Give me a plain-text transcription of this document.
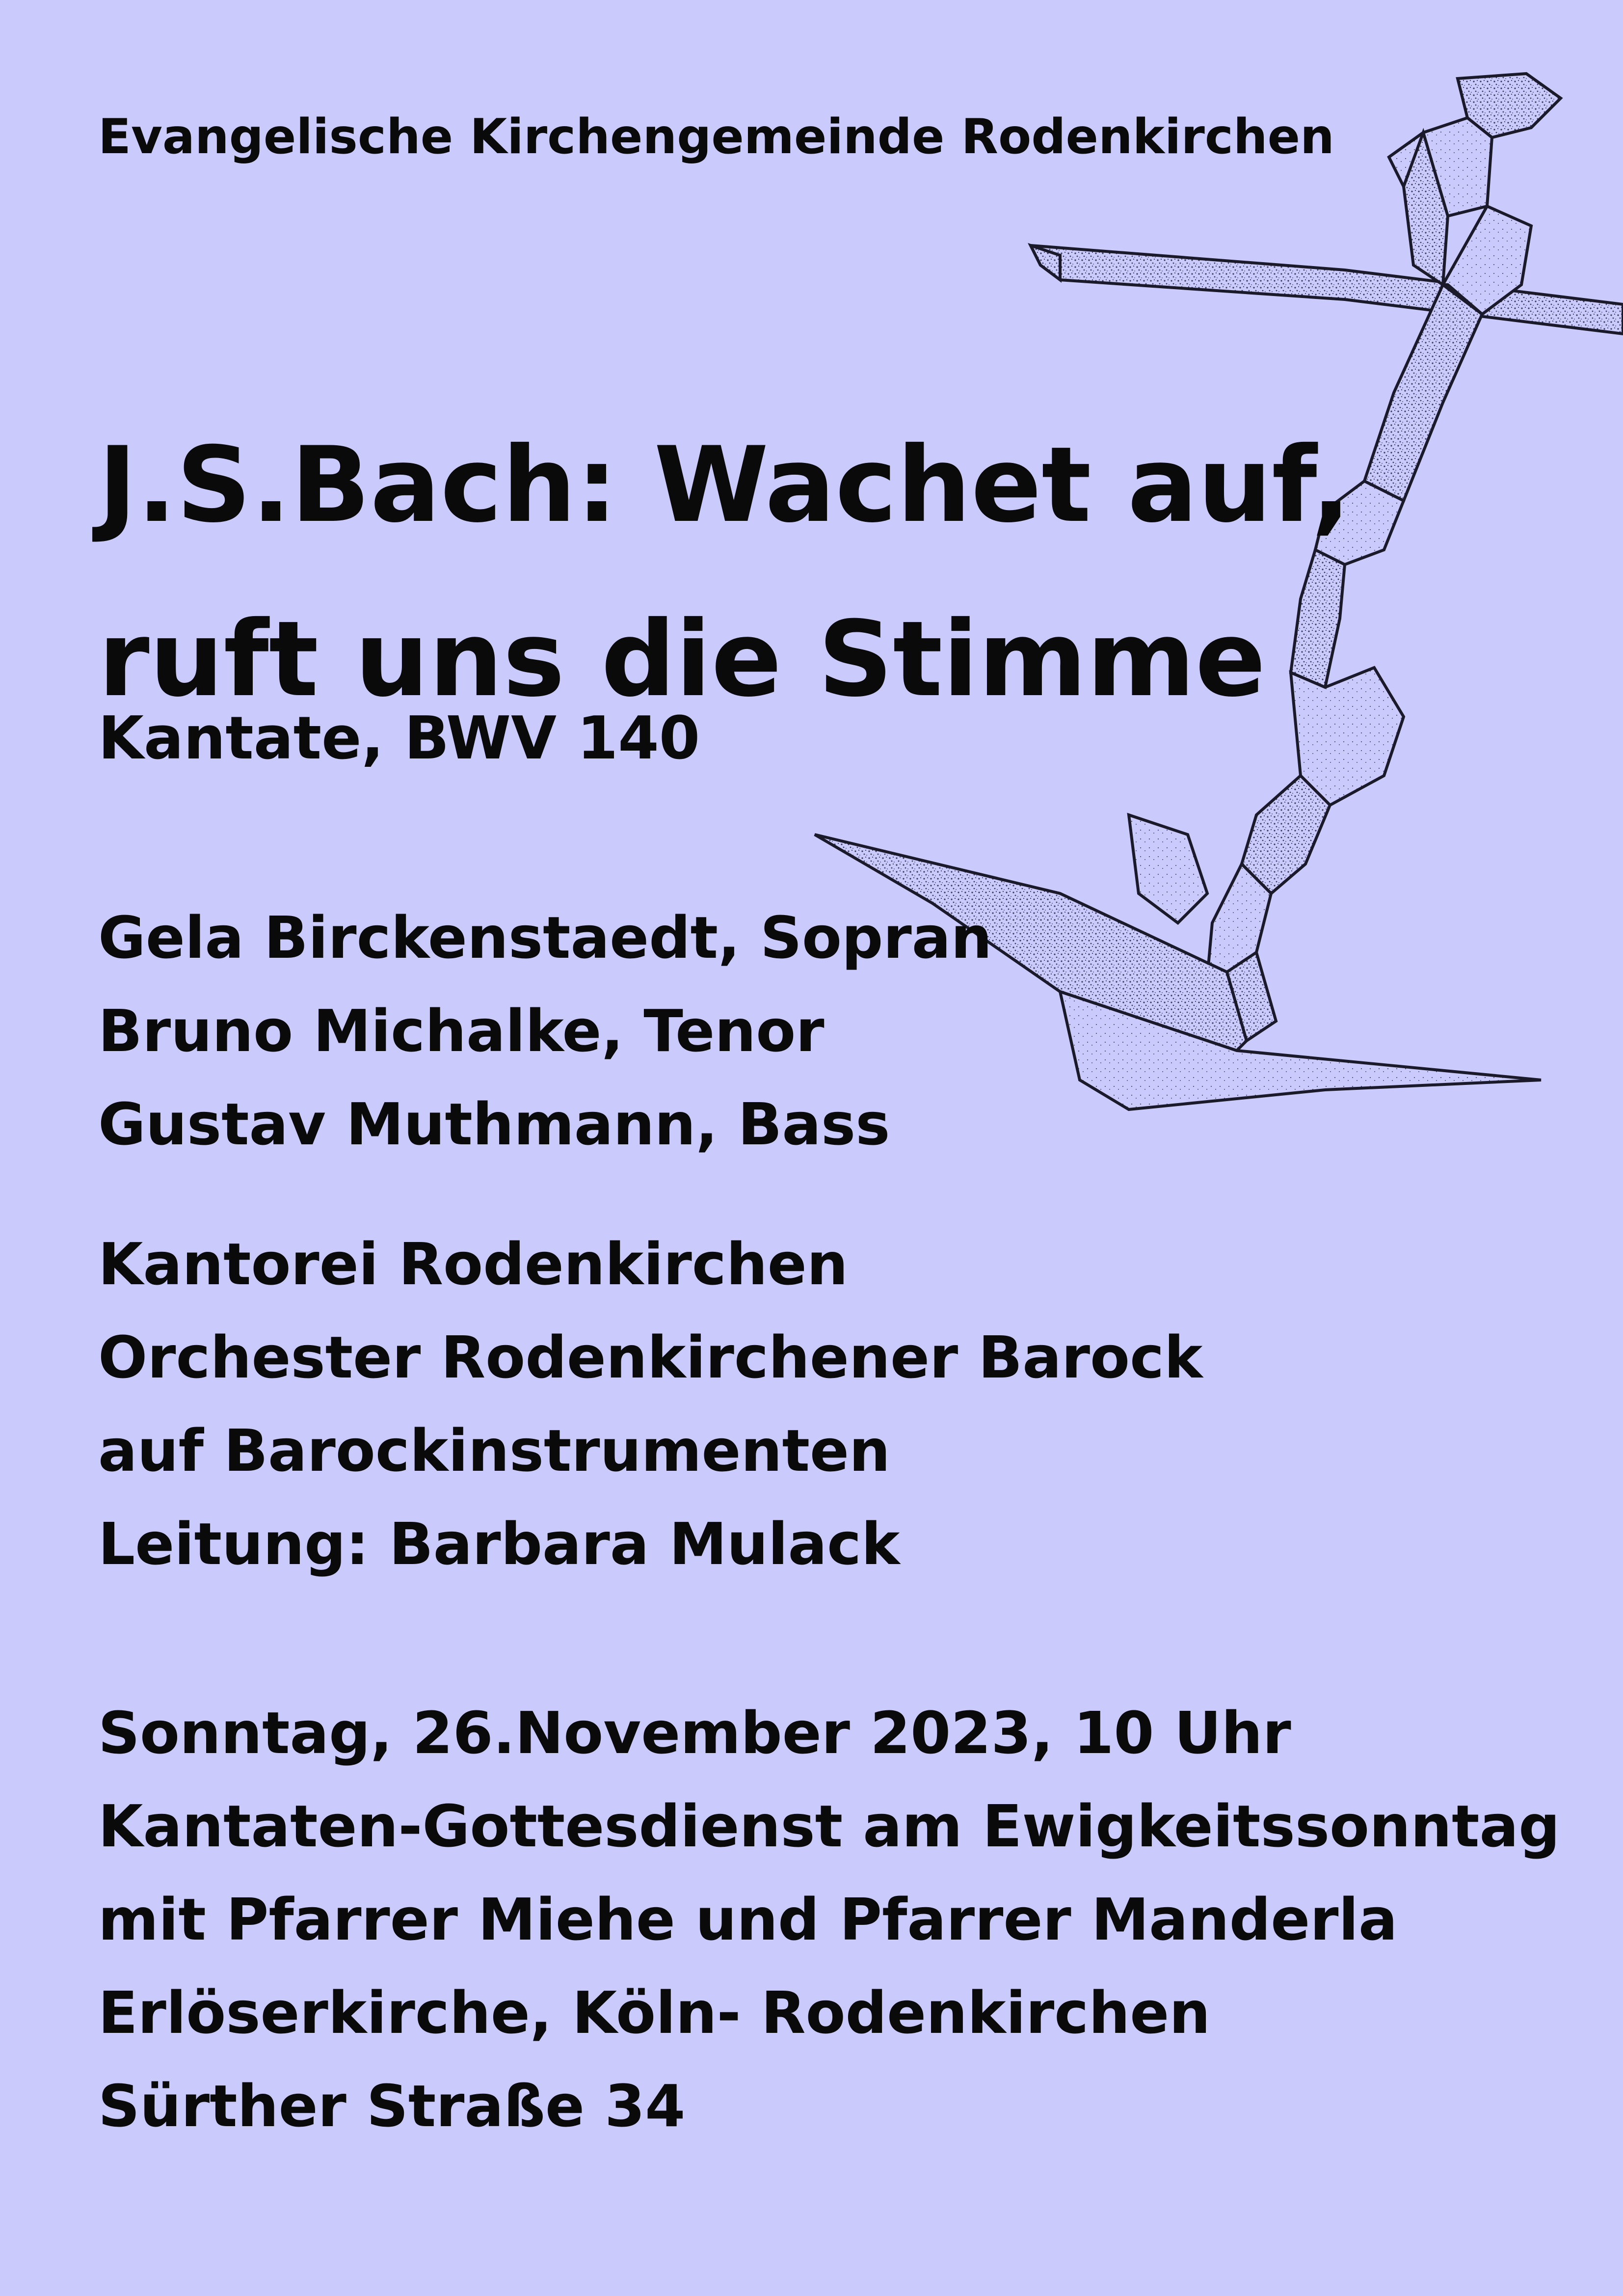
Evangelische Kirchengemeinde Rodenkirchen
J.S.Bach: Wachet auf,
ruft uns die Stimme
Kantate, BWV 140
Gela Birckenstaedt, Sopran
Bruno Michalke, Tenor
Gustav Muthmann, Bass
Kantorei Rodenkirchen
Orchester Rodenkirchener Barock
auf Barockinstrumenten
Leitung: Barbara Mulack
Sonntag, 26.November 2023, 10 Uhr
Kantaten-Gottesdienst am Ewigkeitssonntag
mit Pfarrer Miehe und Pfarrer Manderla
Erlöserkirche, Köln- Rodenkirchen
Sürther Straße 34
